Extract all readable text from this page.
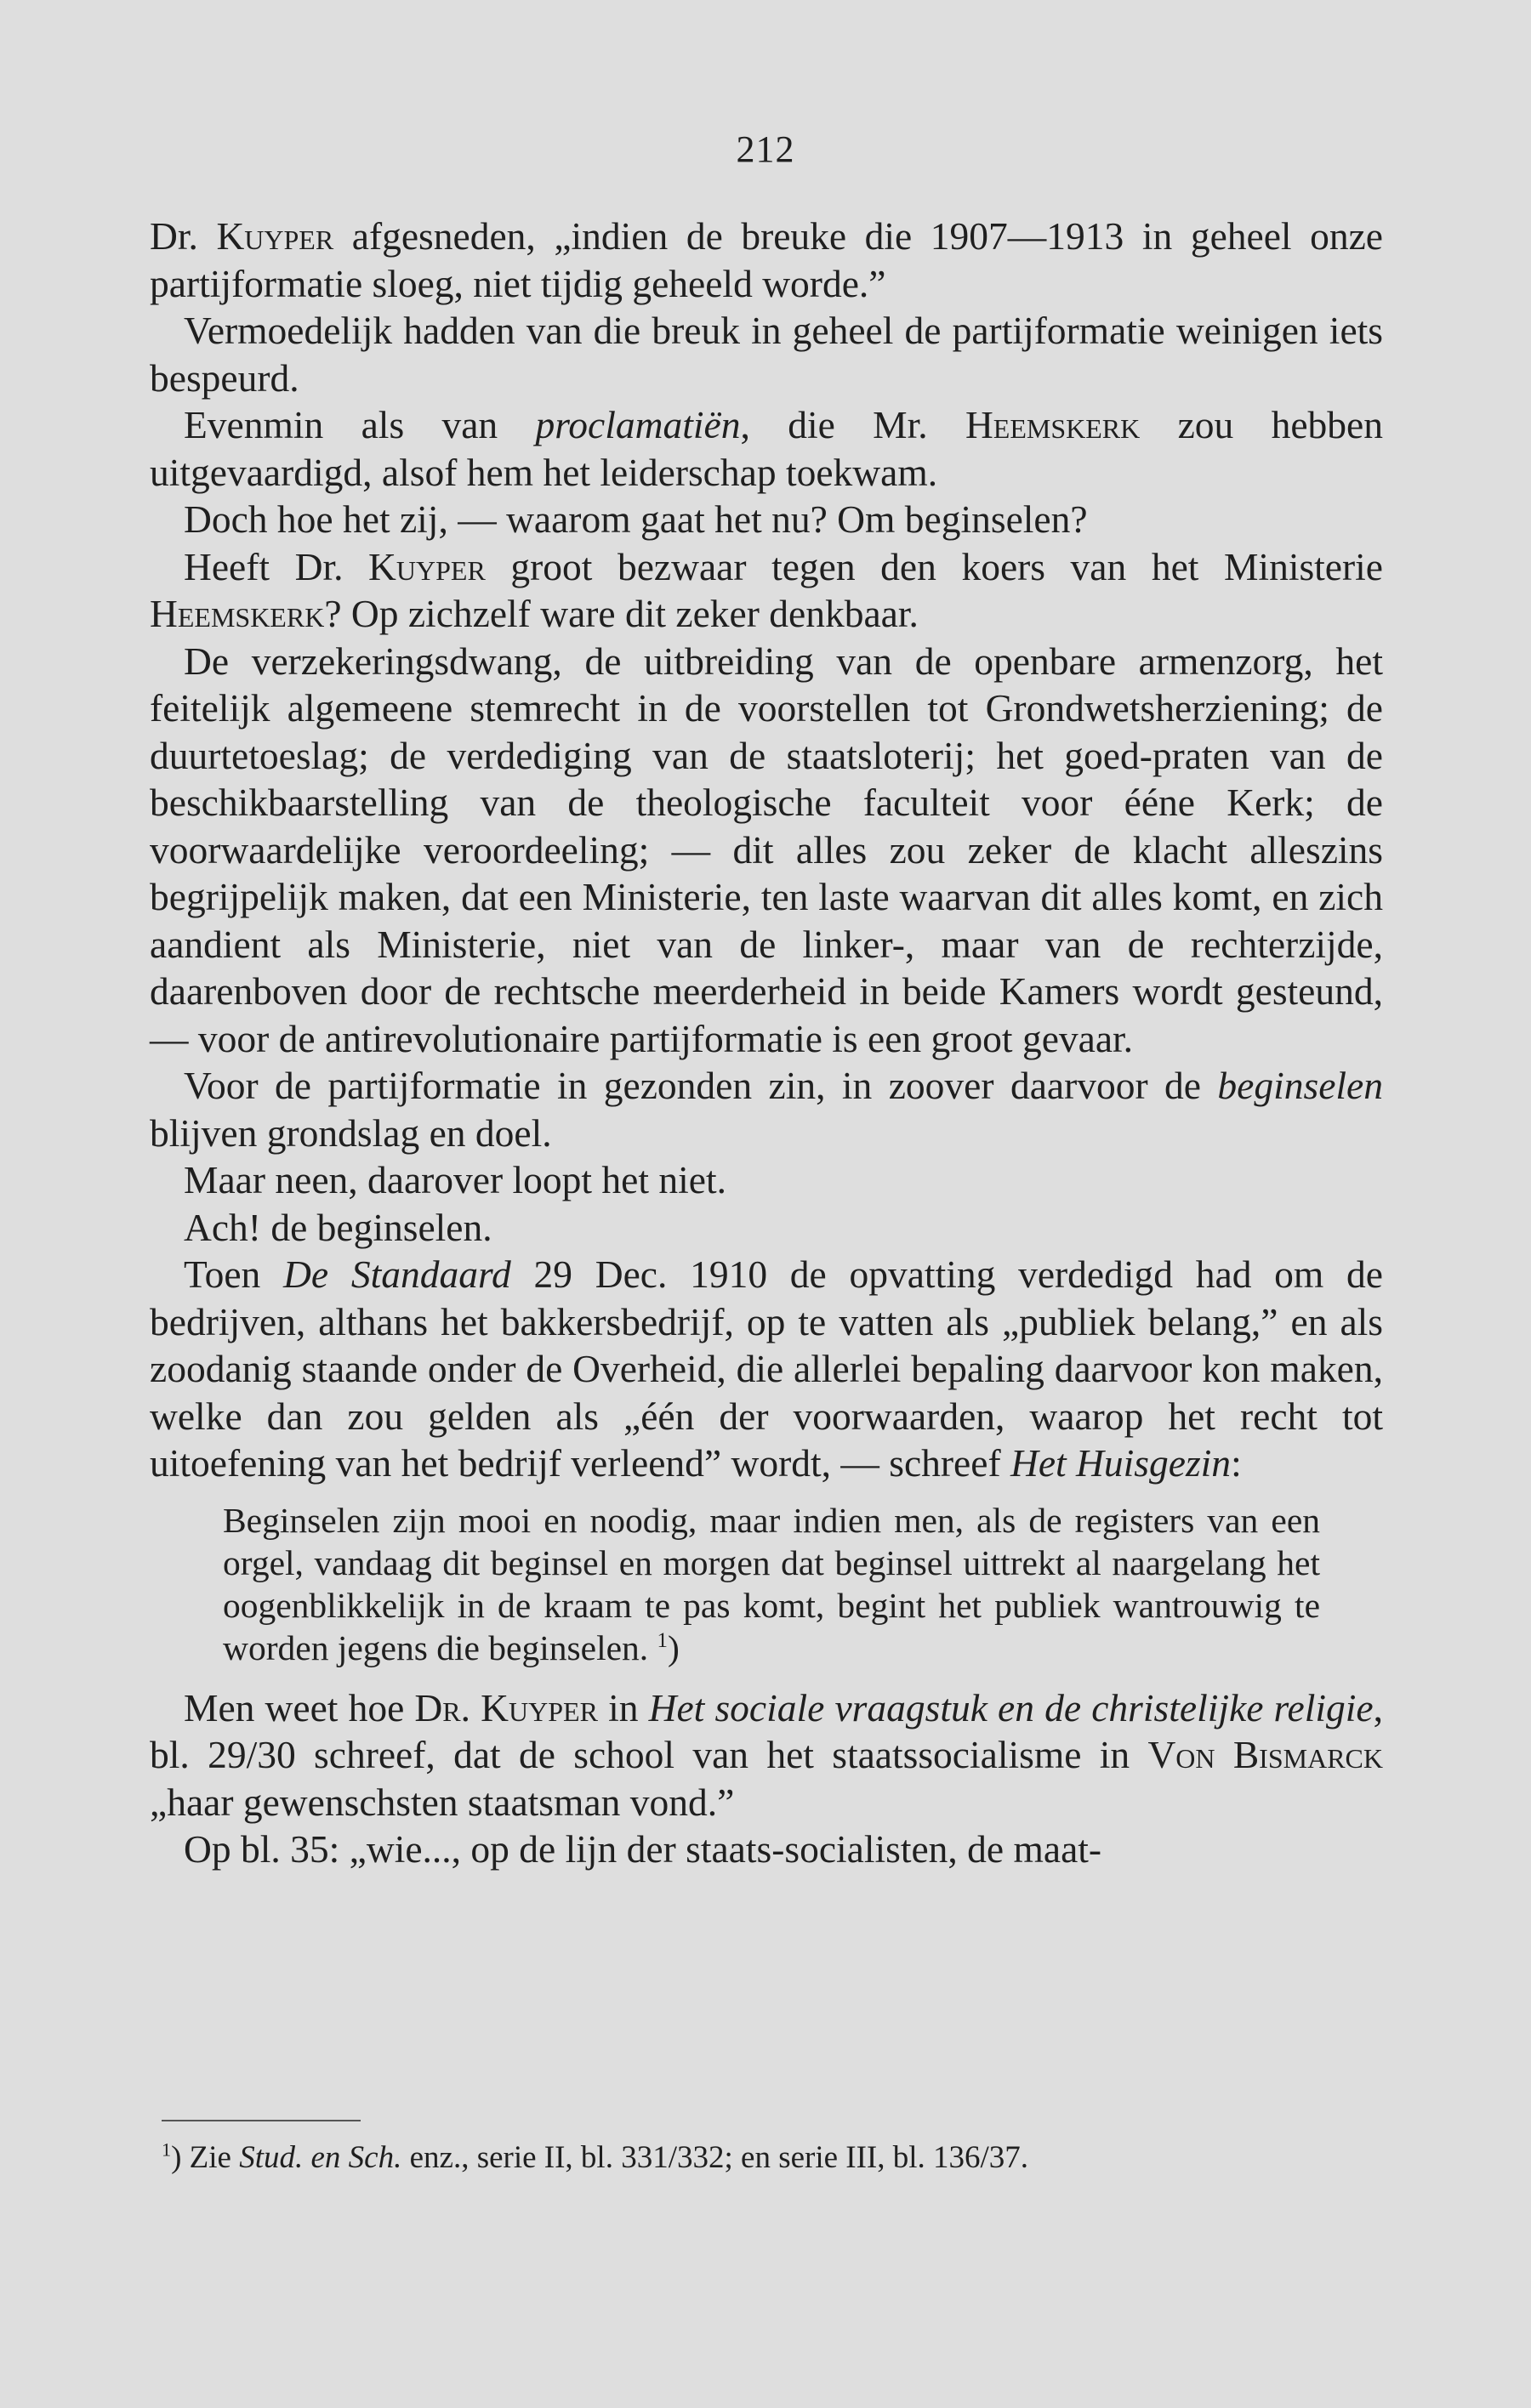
212

Dr. Kuyper afgesneden, „indien de breuke die 1907—1913 in geheel onze partijformatie sloeg, niet tijdig geheeld worde.”

Vermoedelijk hadden van die breuk in geheel de partijformatie weinigen iets bespeurd.

Evenmin als van proclamatiën, die Mr. Heemskerk zou hebben uitgevaardigd, alsof hem het leiderschap toekwam.

Doch hoe het zij, — waarom gaat het nu? Om beginselen?

Heeft Dr. Kuyper groot bezwaar tegen den koers van het Ministerie Heemskerk? Op zichzelf ware dit zeker denkbaar.

De verzekeringsdwang, de uitbreiding van de openbare armenzorg, het feitelijk algemeene stemrecht in de voorstellen tot Grondwetsherziening; de duurtetoeslag; de verdediging van de staatsloterij; het goed-praten van de beschikbaarstelling van de theologische faculteit voor ééne Kerk; de voorwaardelijke veroordeeling; — dit alles zou zeker de klacht alleszins begrijpelijk maken, dat een Ministerie, ten laste waarvan dit alles komt, en zich aandient als Ministerie, niet van de linker-, maar van de rechterzijde, daarenboven door de rechtsche meerderheid in beide Kamers wordt gesteund, — voor de antirevolutionaire partijformatie is een groot gevaar.

Voor de partijformatie in gezonden zin, in zoover daarvoor de beginselen blijven grondslag en doel.

Maar neen, daarover loopt het niet.

Ach! de beginselen.

Toen De Standaard 29 Dec. 1910 de opvatting verdedigd had om de bedrijven, althans het bakkersbedrijf, op te vatten als „publiek belang,” en als zoodanig staande onder de Overheid, die allerlei bepaling daarvoor kon maken, welke dan zou gelden als „één der voorwaarden, waarop het recht tot uitoefening van het bedrijf verleend” wordt, — schreef Het Huisgezin:

Beginselen zijn mooi en noodig, maar indien men, als de registers van een orgel, vandaag dit beginsel en morgen dat beginsel uittrekt al naargelang het oogenblikkelijk in de kraam te pas komt, begint het publiek wantrouwig te worden jegens die beginselen. $^1$)

Men weet hoe Dr. Kuyper in Het sociale vraagstuk en de christelijke religie, bl. 29/30 schreef, dat de school van het staatssocialisme in Von Bismarck „haar gewenschsten staatsman vond.”

Op bl. 35: „wie..., op de lijn der staats-socialisten, de maat-

$^1$) Zie Stud. en Sch. enz., serie II, bl. 331/332; en serie III, bl. 136/37.
